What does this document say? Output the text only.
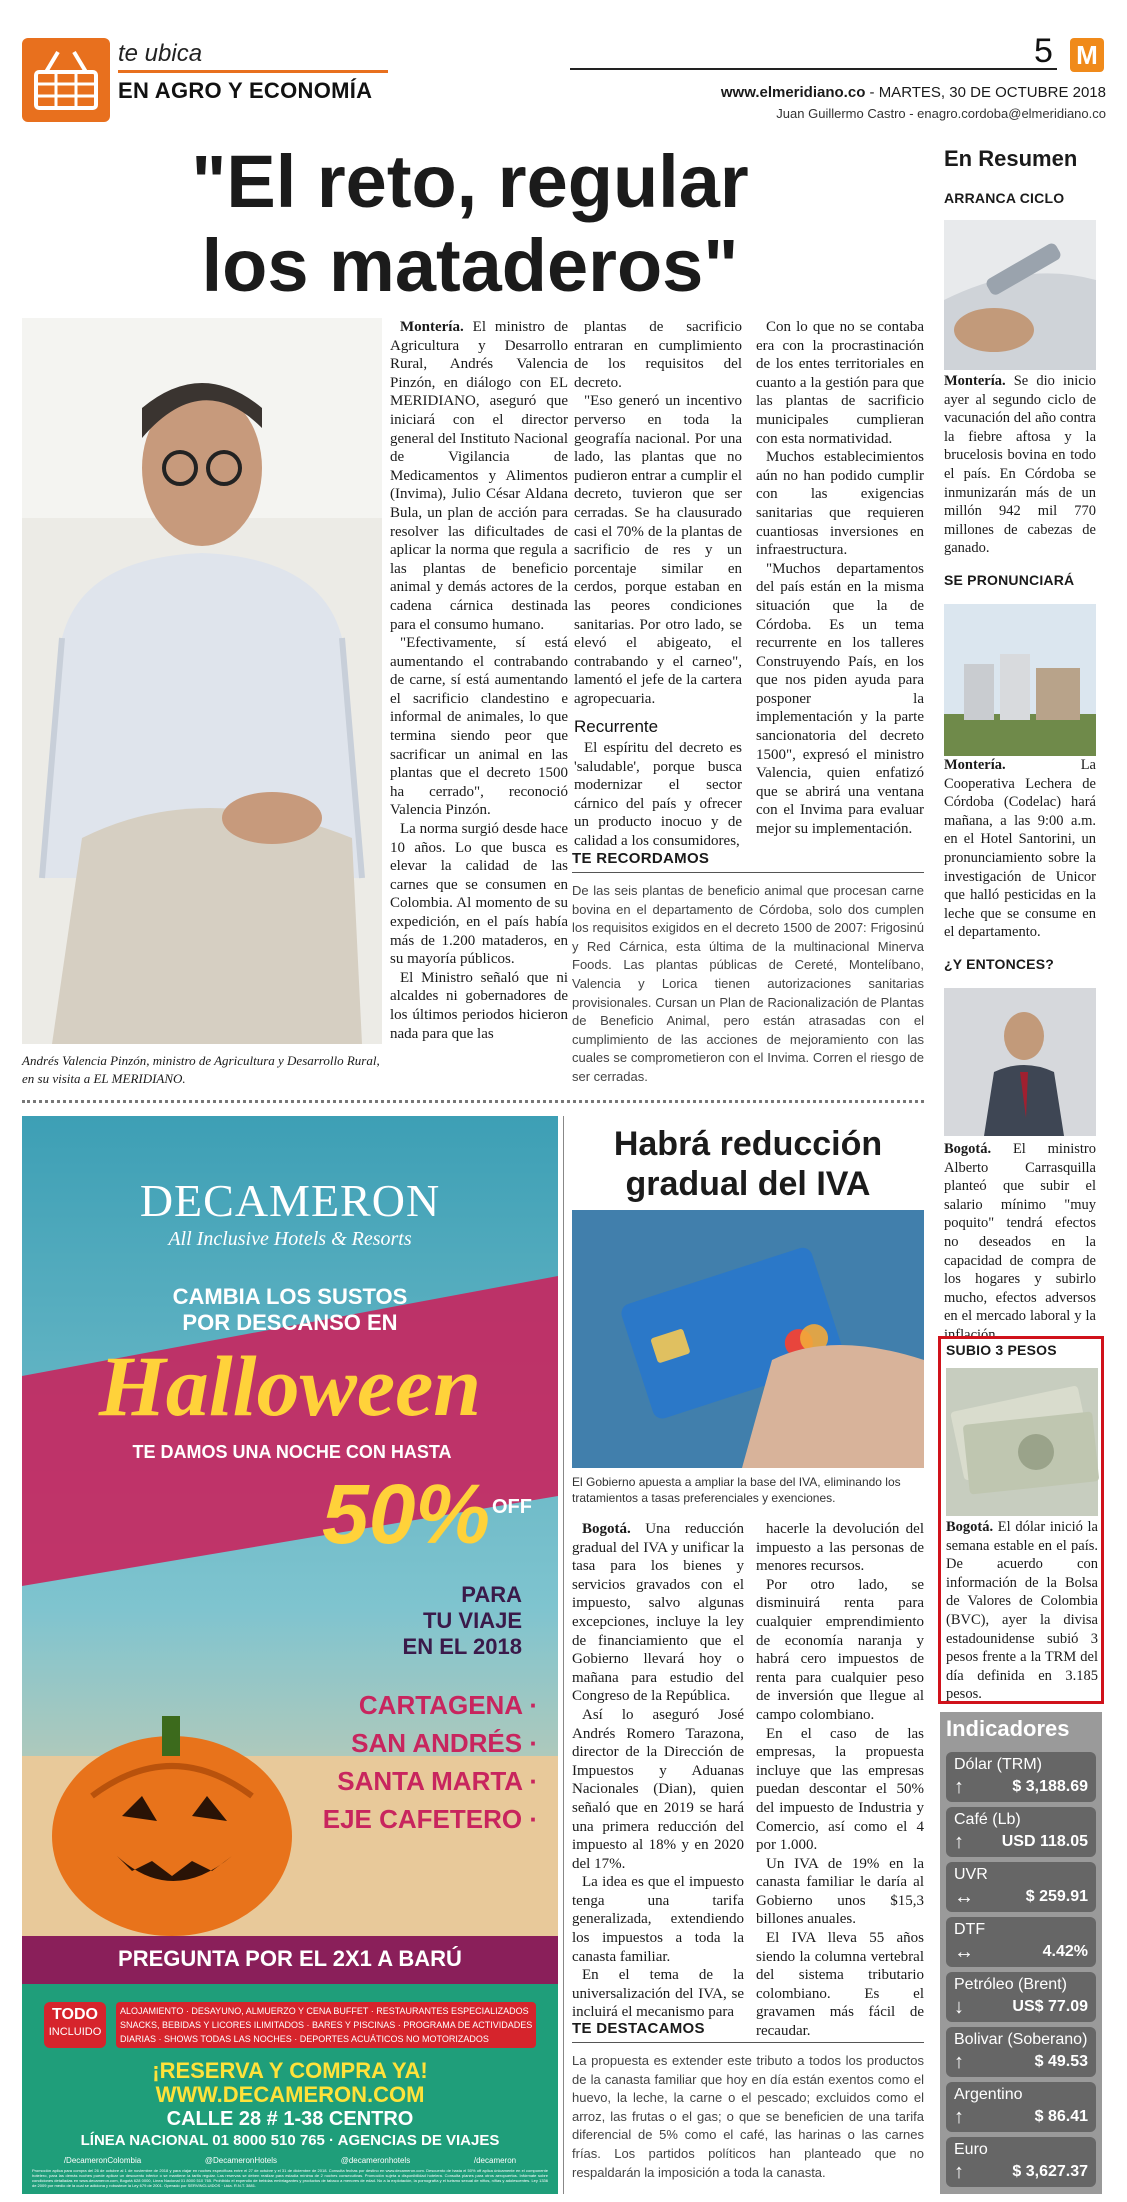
te ubica
EN AGRO Y ECONOMÍA
5 M
www.elmeridiano.co - MARTES, 30 DE OCTUBRE 2018
Juan Guillermo Castro - enagro.cordoba@elmeridiano.co
"El reto, regular
los mataderos"
Andrés Valencia Pinzón, ministro de Agricultura y Desarrollo Rural, en su visita a EL MERIDIANO.

Montería. El ministro de Agricultura y Desarrollo Rural, Andrés Valencia Pinzón, en diálogo con EL MERIDIANO, aseguró que iniciará con el director general del Instituto Nacional de Vigilancia de Medicamentos y Alimentos (Invima), Julio César Aldana Bula, un plan de acción para resolver las dificultades de aplicar la norma que regula a las plantas de beneficio animal y demás actores de la cadena cárnica destinada para el consumo humano.

"Efectivamente, sí está aumentando el contrabando de carne, sí está aumentando el sacrificio clandestino e informal de animales, lo que termina siendo peor que sacrificar un animal en las plantas que el decreto 1500 ha cerrado", reconoció Valencia Pinzón.

La norma surgió desde hace 10 años. Lo que busca es elevar la calidad de las carnes que se consumen en Colombia. Al momento de su expedición, en el país había más de 1.200 mataderos, en su mayoría públicos.

El Ministro señaló que ni alcaldes ni gobernadores de los últimos periodos hicieron nada para que las

plantas de sacrificio entraran en cumplimiento de los requisitos del decreto.

"Eso generó un incentivo perverso en toda la geografía nacional. Por una lado, las plantas que no pudieron entrar a cumplir el decreto, tuvieron que ser cerradas. Se ha clausurado casi el 70% de la plantas de sacrificio de res y un porcentaje similar en cerdos, porque estaban en las peores condiciones sanitarias. Por otro lado, se elevó el abigeato, el contrabando y el carneo", lamentó el jefe de la cartera agropecuaria.

Recurrente

El espíritu del decreto es 'saludable', porque busca modernizar el sector cárnico del país y ofrecer un producto inocuo y de calidad a los consumidores,

Con lo que no se contaba era con la procrastinación de los entes territoriales en cuanto a la gestión para que las plantas de sacrificio municipales cumplieran con esta normatividad.

Muchos establecimientos aún no han podido cumplir con las exigencias sanitarias que requieren cuantiosas inversiones en infraestructura.

"Muchos departamentos del país están en la misma situación que la de Córdoba. Es un tema recurrente en los talleres Construyendo País, en los que nos piden ayuda para posponer la implementación y la parte sancionatoria del decreto 1500", expresó el ministro Valencia, quien enfatizó que se abrirá una ventana con el Invima para evaluar mejor su implementación.

TE RECORDAMOS
De las seis plantas de beneficio animal que procesan carne bovina en el departamento de Córdoba, solo dos cumplen los requisitos exigidos en el decreto 1500 de 2007: Frigosinú y Red Cárnica, esta última de la multinacional Minerva Foods. Las plantas públicas de Cereté, Montelíbano, Valencia y Lorica tienen autorizaciones sanitarias provisionales. Cursan un Plan de Racionalización de Plantas de Beneficio Animal, pero están atrasadas con el cumplimiento de las acciones de mejoramiento con las cuales se comprometieron con el Invima. Corren el riesgo de ser cerradas.
DECAMERON
All Inclusive Hotels & Resorts
CAMBIA LOS SUSTOS
POR DESCANSO EN
Halloween
TE DAMOS UNA NOCHE CON HASTA
50% OFF
PARA
TU VIAJE
EN EL 2018
CARTAGENA ·
SAN ANDRÉS ·
SANTA MARTA ·
EJE CAFETERO ·
PREGUNTA POR EL 2X1 A BARÚ
TODO
INCLUIDO
ALOJAMIENTO · DESAYUNO, ALMUERZO Y CENA BUFFET · RESTAURANTES ESPECIALIZADOS
SNACKS, BEBIDAS Y LICORES ILIMITADOS · BARES Y PISCINAS · PROGRAMA DE ACTIVIDADES
DIARIAS · SHOWS TODAS LAS NOCHES · DEPORTES ACUÁTICOS NO MOTORIZADOS
¡RESERVA Y COMPRA YA!
WWW.DECAMERON.COM
CALLE 28 # 1-38 CENTRO
LÍNEA NACIONAL 01 8000 510 765 · AGENCIAS DE VIAJES
/DecameronColombia	@DecameronHotels	@decameronhotels	/decameron
Promoción aplica para compra del 26 de octubre al 1 de noviembre de 2018 y para viajar en noches específicas entre el 27 de octubre y el 31 de diciembre de 2018. Consulta fechas por destino en www.decameron.com. Descuento de hasta el 50% off aplica únicamente en el componente hotelero, para las demás noches puede aplicar un descuento inferior o se mantiene la tarifa regular. Las reservas se deben realizar para estadía mínima de 2 noches consecutivas. Promoción sujeta a disponibilidad hotelera. Consulta planes para otros aeropuertos. Infórmate sobre condiciones detalladas en www.decameron.com, Bogotá 628 0000, Línea Nacional 01 8000 510 765. Prohibido el expendio de bebidas embriagantes y productos de tabaco a menores de edad. No a la explotación, la pornografía y el turismo sexual de niños, niñas y adolescentes. Ley 1336 de 2009 por medio de la cual se adiciona y robustece la Ley 679 de 2001. Operado por SERVINCLUIDOS · Ltda. R.N.T. 3881.
Habrá reducción gradual del IVA
El Gobierno apuesta a ampliar la base del IVA, eliminando los tratamientos a tasas preferenciales y exenciones.

Bogotá. Una reducción gradual del IVA y unificar la tasa para los bienes y servicios gravados con el impuesto, salvo algunas excepciones, incluye la ley de financiamiento que el Gobierno llevará hoy o mañana para estudio del Congreso de la República.

Así lo aseguró José Andrés Romero Tarazona, director de la Dirección de Impuestos y Aduanas Nacionales (Dian), quien señaló que en 2019 se hará una primera reducción del impuesto al 18% y en 2020 del 17%.

La idea es que el impuesto tenga una tarifa generalizada, extendiendo los impuestos a toda la canasta familiar.

En el tema de la universalización del IVA, se incluirá el mecanismo para

hacerle la devolución del impuesto a las personas de menores recursos.

Por otro lado, se disminuirá renta para cualquier emprendimiento de economía naranja y habrá cero impuestos de renta para cualquier peso de inversión que llegue al campo colombiano.

En el caso de las empresas, la propuesta incluye que las empresas puedan descontar el 50% del impuesto de Industria y Comercio, así como el 4 por 1.000.

Un IVA de 19% en la canasta familiar le daría al Gobierno unos $15,3 billones anuales.

El IVA lleva 55 años siendo la columna vertebral del sistema tributario colombiano. Es el gravamen más fácil de recaudar.

TE DESTACAMOS
La propuesta es extender este tributo a todos los productos de la canasta familiar que hoy en día están exentos como el huevo, la leche, la carne o el pescado; excluidos como el arroz, las frutas o el gas; o que se beneficien de una tarifa diferencial de 5% como el café, las harinas o las carnes frías. Los partidos políticos han planteado que no respaldarán la imposición a toda la canasta.
En Resumen
ARRANCA CICLO
Montería. Se dio inicio ayer al segundo ciclo de vacunación del año contra la fiebre aftosa y la brucelosis bovina en todo el país. En Córdoba se inmunizarán más de un millón 942 mil 770 millones de cabezas de ganado.
SE PRONUNCIARÁ
Montería. La Cooperativa Lechera de Córdoba (Codelac) hará mañana, a las 9:00 a.m. en el Hotel Santorini, un pronunciamiento sobre la investigación de Unicor que halló pesticidas en la leche que se consume en el departamento.
¿Y ENTONCES?
Bogotá. El ministro Alberto Carrasquilla planteó que subir el salario mínimo "muy poquito" tendrá efectos no deseados en la capacidad de compra de los hogares y subirlo mucho, efectos adversos en el mercado laboral y la inflación.
SUBIO 3 PESOS
Bogotá. El dólar inició la semana estable en el país. De acuerdo con información de la Bolsa de Valores de Colombia (BVC), ayer la divisa estadounidense subió 3 pesos frente a la TRM del día definida en 3.185 pesos.
Indicadores
Dólar (TRM)
↑	$ 3,188.69
Café (Lb)
↑ USD 118.05
UVR
↔	$ 259.91
DTF
↔	4.42%
Petróleo (Brent)
↓	US$ 77.09
Bolivar (Soberano)
↑	$ 49.53
Argentino
↑	$ 86.41
Euro
↑	$ 3,627.37
